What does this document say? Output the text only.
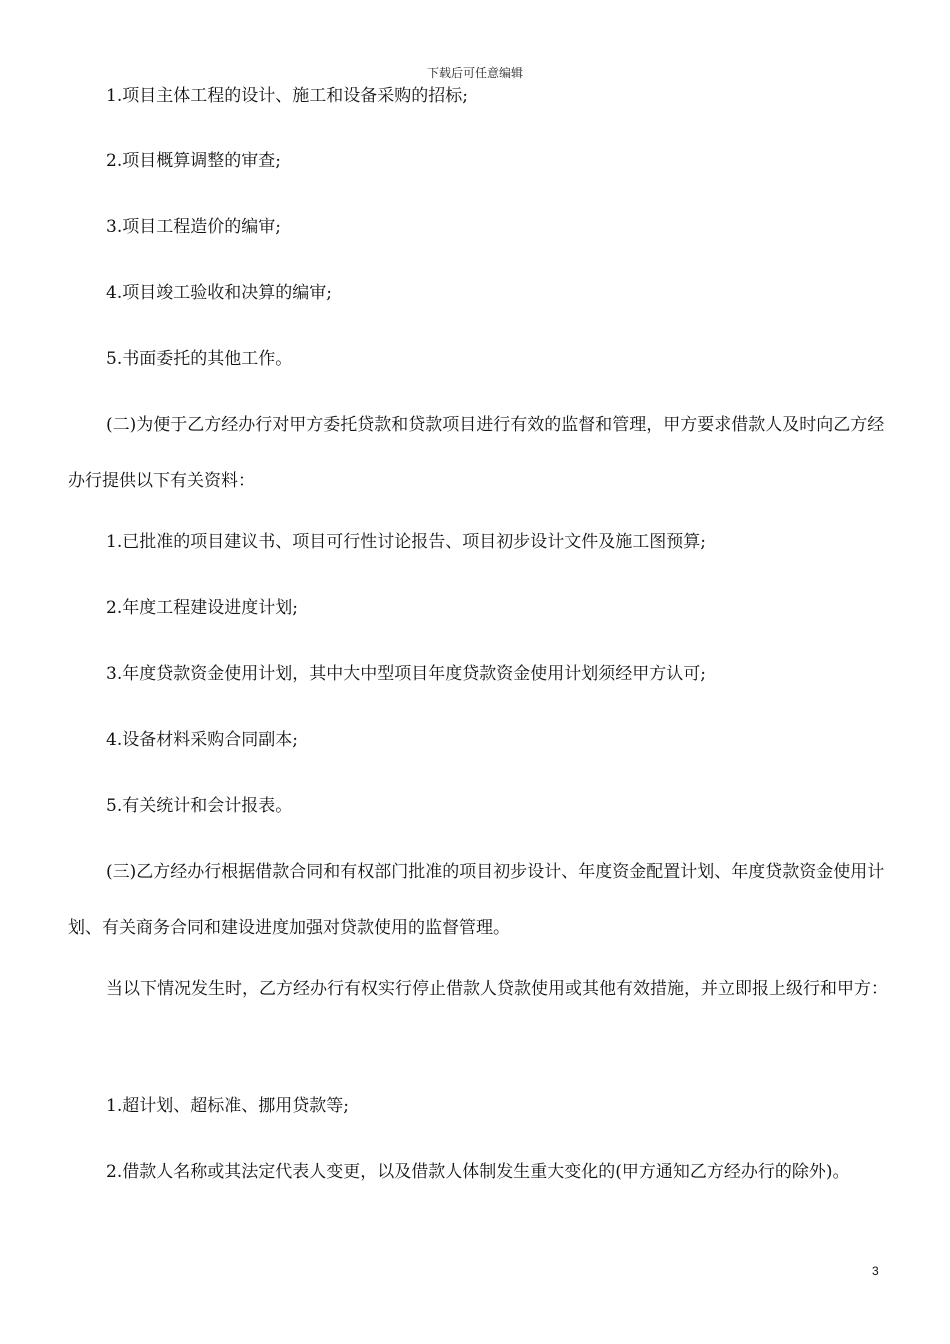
下载后可任意编辑

1.项目主体工程的设计、施工和设备采购的招标;

2.项目概算调整的审查;

3.项目工程造价的编审;

4.项目竣工验收和决算的编审;

5.书面委托的其他工作。

(二)为便于乙方经办行对甲方委托贷款和贷款项目进行有效的监督和管理，甲方要求借款人及时向乙方经办行提供以下有关资料：

1.已批准的项目建议书、项目可行性讨论报告、项目初步设计文件及施工图预算;

2.年度工程建设进度计划;

3.年度贷款资金使用计划，其中大中型项目年度贷款资金使用计划须经甲方认可;

4.设备材料采购合同副本;

5.有关统计和会计报表。

(三)乙方经办行根据借款合同和有权部门批准的项目初步设计、年度资金配置计划、年度贷款资金使用计划、有关商务合同和建设进度加强对贷款使用的监督管理。

当以下情况发生时，乙方经办行有权实行停止借款人贷款使用或其他有效措施，并立即报上级行和甲方：

1.超计划、超标准、挪用贷款等;

2.借款人名称或其法定代表人变更，以及借款人体制发生重大变化的(甲方通知乙方经办行的除外)。

3
